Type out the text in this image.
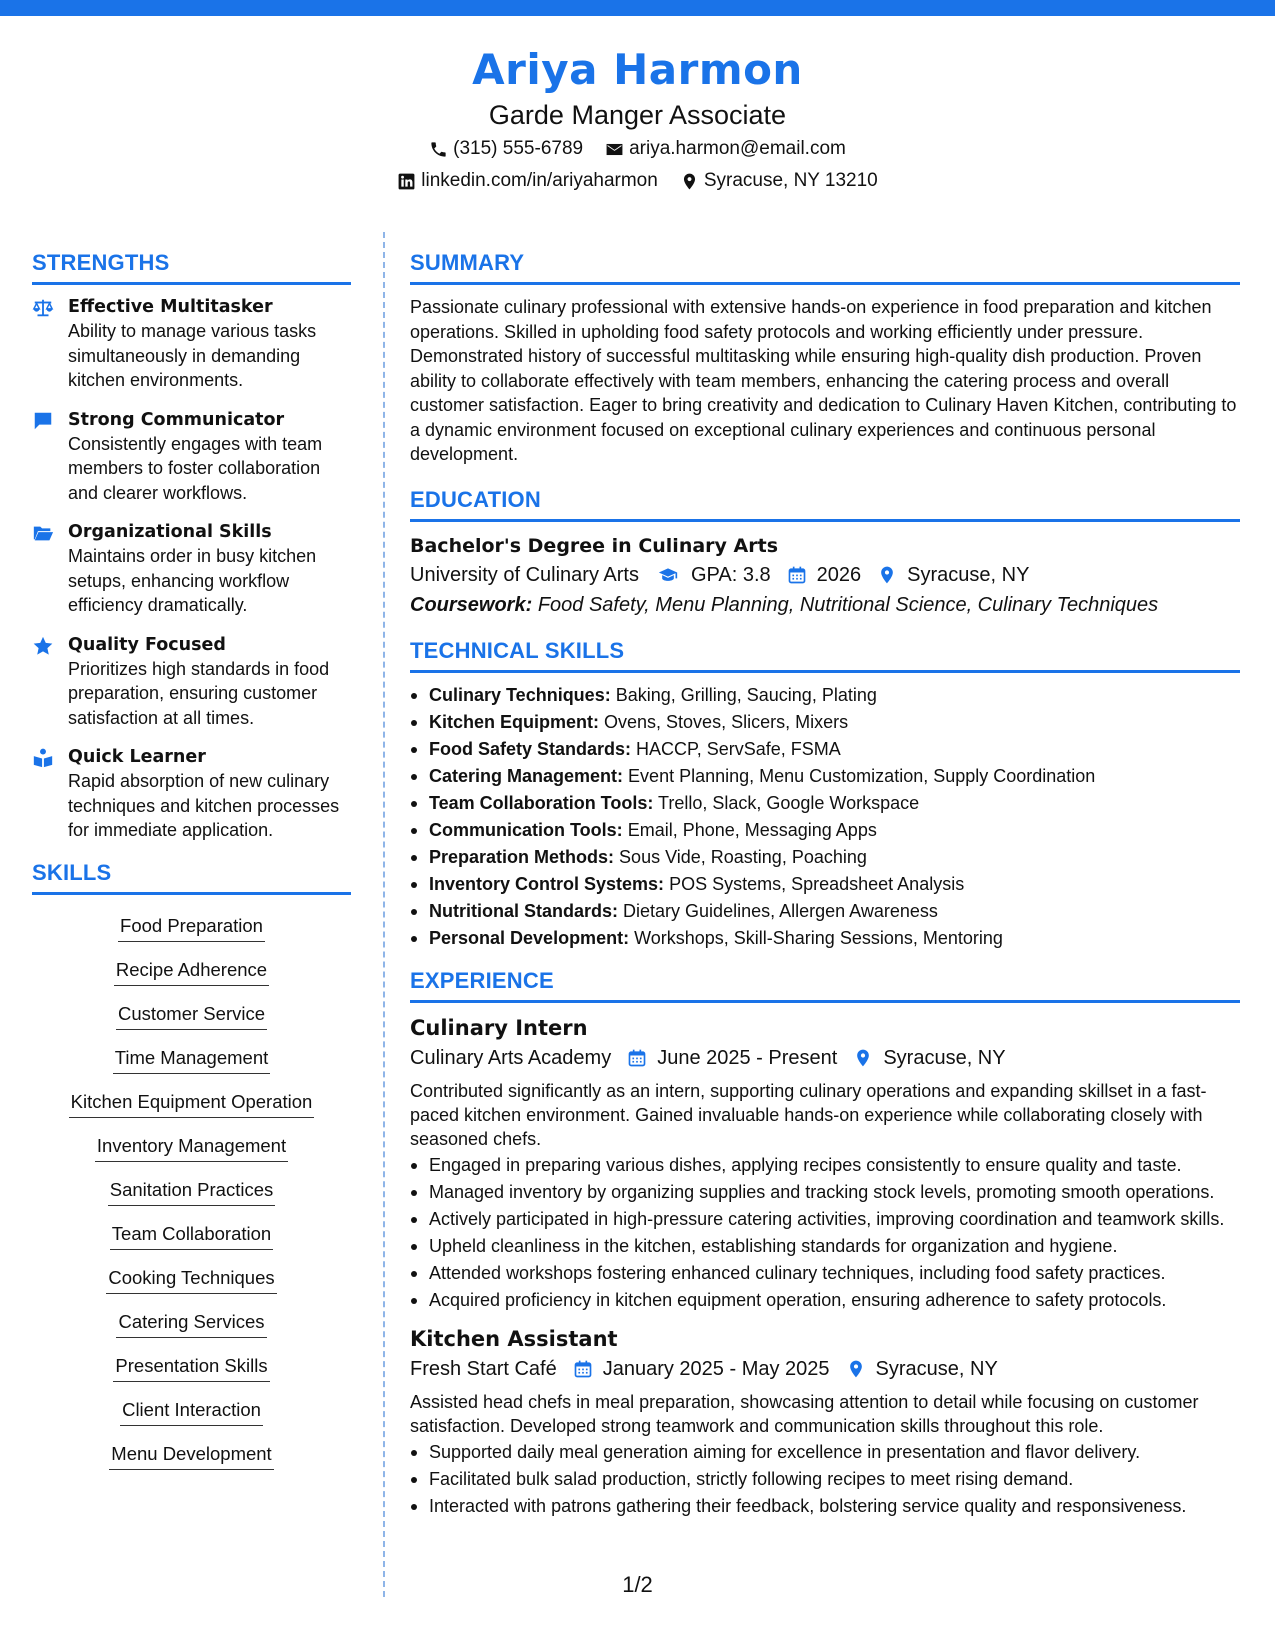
Ariya Harmon
Garde Manger Associate
(315) 555-6789 ariya.harmon@email.com
linkedin.com/in/ariyaharmon Syracuse, NY 13210
STRENGTHS
Effective Multitasker
Ability to manage various tasks simultaneously in demanding kitchen environments.
Strong Communicator
Consistently engages with team members to foster collaboration and clearer workflows.
Organizational Skills
Maintains order in busy kitchen setups, enhancing workflow efficiency dramatically.
Quality Focused
Prioritizes high standards in food preparation, ensuring customer satisfaction at all times.
Quick Learner
Rapid absorption of new culinary techniques and kitchen processes for immediate application.
SKILLS
Food Preparation
Recipe Adherence
Customer Service
Time Management
Kitchen Equipment Operation
Inventory Management
Sanitation Practices
Team Collaboration
Cooking Techniques
Catering Services
Presentation Skills
Client Interaction
Menu Development
SUMMARY
Passionate culinary professional with extensive hands-on experience in food preparation and kitchen operations. Skilled in upholding food safety protocols and working efficiently under pressure. Demonstrated history of successful multitasking while ensuring high-quality dish production. Proven ability to collaborate effectively with team members, enhancing the catering process and overall customer satisfaction. Eager to bring creativity and dedication to Culinary Haven Kitchen, contributing to a dynamic environment focused on exceptional culinary experiences and continuous personal development.
EDUCATION
Bachelor's Degree in Culinary Arts
University of Culinary Arts	GPA: 3.8 2026 Syracuse, NY
Coursework: Food Safety, Menu Planning, Nutritional Science, Culinary Techniques
TECHNICAL SKILLS
Culinary Techniques: Baking, Grilling, Saucing, Plating
Kitchen Equipment: Ovens, Stoves, Slicers, Mixers
Food Safety Standards: HACCP, ServSafe, FSMA
Catering Management: Event Planning, Menu Customization, Supply Coordination
Team Collaboration Tools: Trello, Slack, Google Workspace
Communication Tools: Email, Phone, Messaging Apps
Preparation Methods: Sous Vide, Roasting, Poaching
Inventory Control Systems: POS Systems, Spreadsheet Analysis
Nutritional Standards: Dietary Guidelines, Allergen Awareness
Personal Development: Workshops, Skill-Sharing Sessions, Mentoring
EXPERIENCE
Culinary Intern
Culinary Arts Academy June 2025 - Present Syracuse, NY
Contributed significantly as an intern, supporting culinary operations and expanding skillset in a fast-paced kitchen environment. Gained invaluable hands-on experience while collaborating closely with seasoned chefs.
Engaged in preparing various dishes, applying recipes consistently to ensure quality and taste.
Managed inventory by organizing supplies and tracking stock levels, promoting smooth operations.
Actively participated in high-pressure catering activities, improving coordination and teamwork skills.
Upheld cleanliness in the kitchen, establishing standards for organization and hygiene.
Attended workshops fostering enhanced culinary techniques, including food safety practices.
Acquired proficiency in kitchen equipment operation, ensuring adherence to safety protocols.
Kitchen Assistant
Fresh Start Café January 2025 - May 2025 Syracuse, NY
Assisted head chefs in meal preparation, showcasing attention to detail while focusing on customer satisfaction. Developed strong teamwork and communication skills throughout this role.
Supported daily meal generation aiming for excellence in presentation and flavor delivery.
Facilitated bulk salad production, strictly following recipes to meet rising demand.
Interacted with patrons gathering their feedback, bolstering service quality and responsiveness.
1/2
